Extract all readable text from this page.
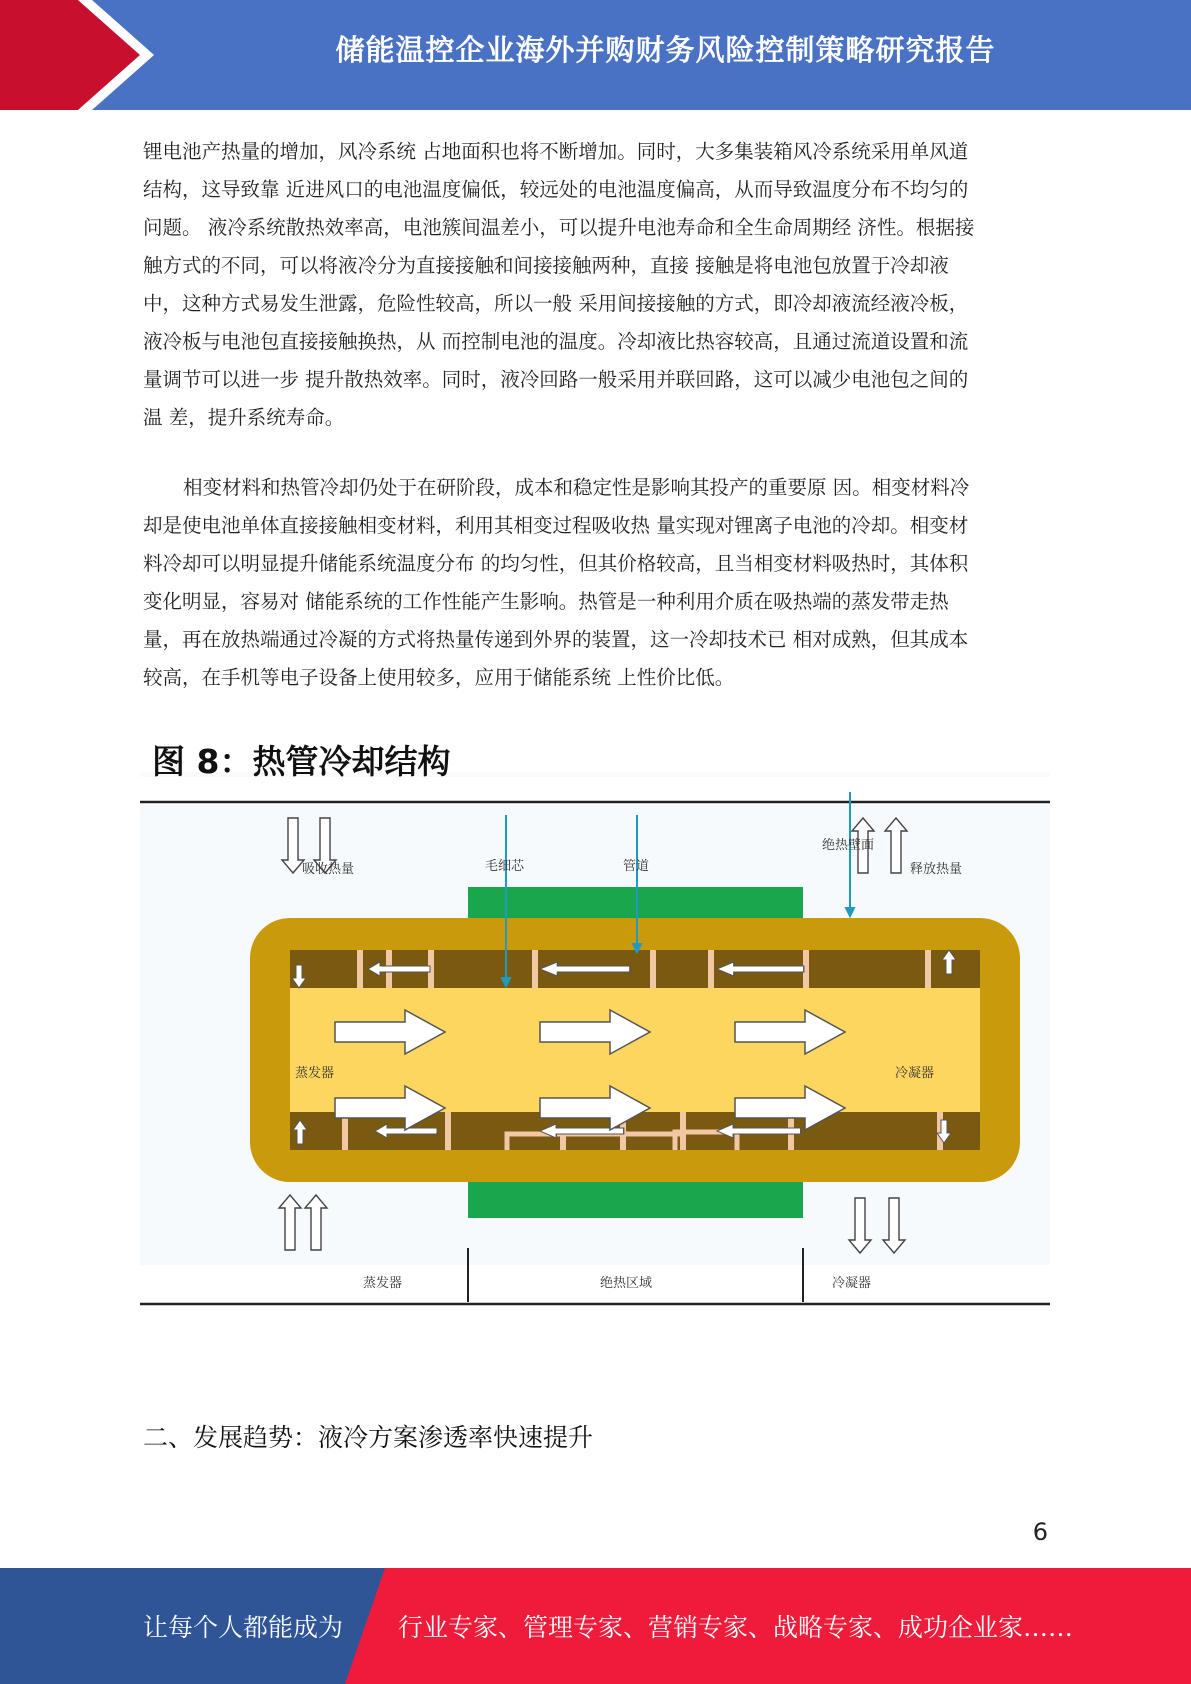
储能温控企业海外并购财务风险控制策略研究报告

锂电池产热量的增加，风冷系统 占地面积也将不断增加。同时，大多集装箱风冷系统采用单风道
结构，这导致靠 近进风口的电池温度偏低，较远处的电池温度偏高，从而导致温度分布不均匀的
问题。 液冷系统散热效率高，电池簇间温差小，可以提升电池寿命和全生命周期经 济性。根据接
触方式的不同，可以将液冷分为直接接触和间接接触两种，直接 接触是将电池包放置于冷却液
中，这种方式易发生泄露，危险性较高，所以一般 采用间接接触的方式，即冷却液流经液冷板，
液冷板与电池包直接接触换热，从 而控制电池的温度。冷却液比热容较高，且通过流道设置和流
量调节可以进一步 提升散热效率。同时，液冷回路一般采用并联回路，这可以减少电池包之间的
温 差，提升系统寿命。

相变材料和热管冷却仍处于在研阶段，成本和稳定性是影响其投产的重要原 因。相变材料冷
却是使电池单体直接接触相变材料，利用其相变过程吸收热 量实现对锂离子电池的冷却。相变材
料冷却可以明显提升储能系统温度分布 的均匀性，但其价格较高，且当相变材料吸热时，其体积
变化明显，容易对 储能系统的工作性能产生影响。热管是一种利用介质在吸热端的蒸发带走热
量，再在放热端通过冷凝的方式将热量传递到外界的装置，这一冷却技术已 相对成熟，但其成本
较高，在手机等电子设备上使用较多，应用于储能系统 上性价比低。

图 8：热管冷却结构
吸收热量	毛细芯	管道
绝热壁面
释放热量
蒸发器	冷凝器
蒸发器	绝热区域	冷凝器
二、发展趋势：液冷方案渗透率快速提升
6
让每个人都能成为 行业专家、管理专家、营销专家、战略专家、成功企业家……
